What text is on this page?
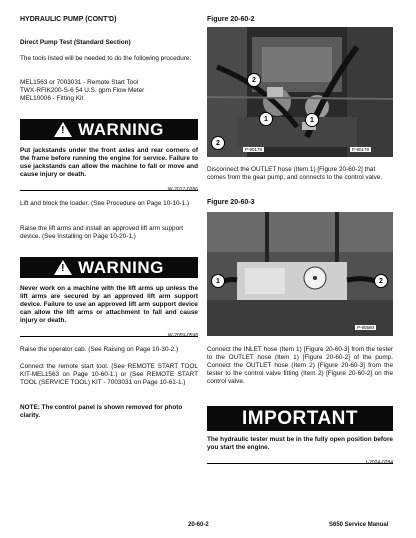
HYDRAULIC PUMP (CONT'D)

Direct Pump Test (Standard Section)

The tools listed will be needed to do the following procedure:

MEL1563 or 7003031 - Remote Start Tool

TWX-RFIK200-S-6 54 U.S. gpm Flow Meter

MEL10006 - Fitting Kit

! WARNING

Put jackstands under the front axles and rear corners of the frame before running the engine for service. Failure to use jackstands can allow the machine to fall or move and cause injury or death.

W-2017-0286

Lift and block the loader. (See Procedure on Page 10-10-1.)

Raise the lift arms and install an approved lift arm support device. (See Installing on Page 10-20-1.)

! WARNING

Never work on a machine with the lift arms up unless the lift arms are secured by an approved lift arm support device. Failure to use an approved lift arm support device can allow the lift arms or attachment to fall and cause injury or death.

W-2059-0598

Raise the operator cab. (See Raising on Page 10-30-2.)

Connect the remote start tool. (See REMOTE START TOOL KIT-MEL1563 on Page 10-60-1.) or (See REMOTE START TOOL (SERVICE TOOL) KIT - 7003031 on Page 10-61-1.)

NOTE: The control panel is shown removed for photo clarity.

Figure 20-60-2

2
1	1
2
P-90178	P-90179

Disconnect the OUTLET hose (Item 1) [Figure 20-60-2] that comes from the gear pump, and connects to the control valve.

Figure 20-60-3

1	2
P-90580

Connect the INLET hose (Item 1) [Figure 20-60-3] from the tester to the OUTLET hose (Item 1) [Figure 20-60-2] of the pump. Connect the OUTLET hose (Item 2) [Figure 20-60-3] from the tester to the control valve fitting (Item 2) [Figure 20-60-2] on the control valve.

IMPORTANT

The hydraulic tester must be in the fully open position before you start the engine.

I-2024-0284

20-60-2	S650 Service Manual
